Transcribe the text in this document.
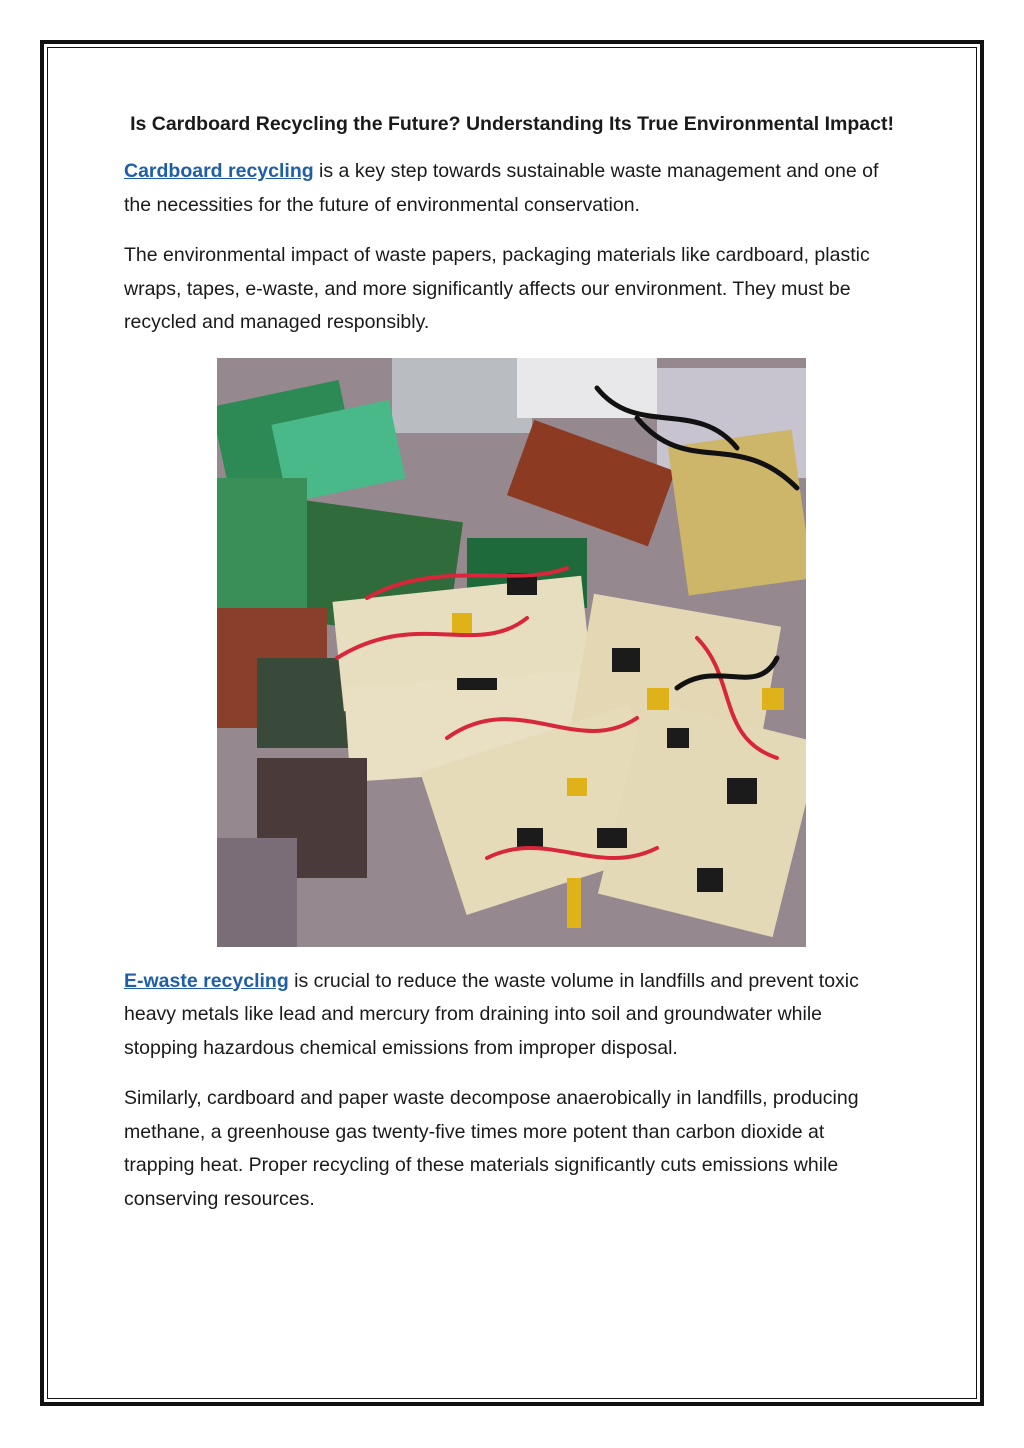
Is Cardboard Recycling the Future? Understanding Its True Environmental Impact!

Cardboard recycling is a key step towards sustainable waste management and one of the necessities for the future of environmental conservation.

The environmental impact of waste papers, packaging materials like cardboard, plastic wraps, tapes, e-waste, and more significantly affects our environment. They must be recycled and managed responsibly.

E-waste recycling is crucial to reduce the waste volume in landfills and prevent toxic heavy metals like lead and mercury from draining into soil and groundwater while stopping hazardous chemical emissions from improper disposal.

Similarly, cardboard and paper waste decompose anaerobically in landfills, producing methane, a greenhouse gas twenty-five times more potent than carbon dioxide at trapping heat. Proper recycling of these materials significantly cuts emissions while conserving resources.
